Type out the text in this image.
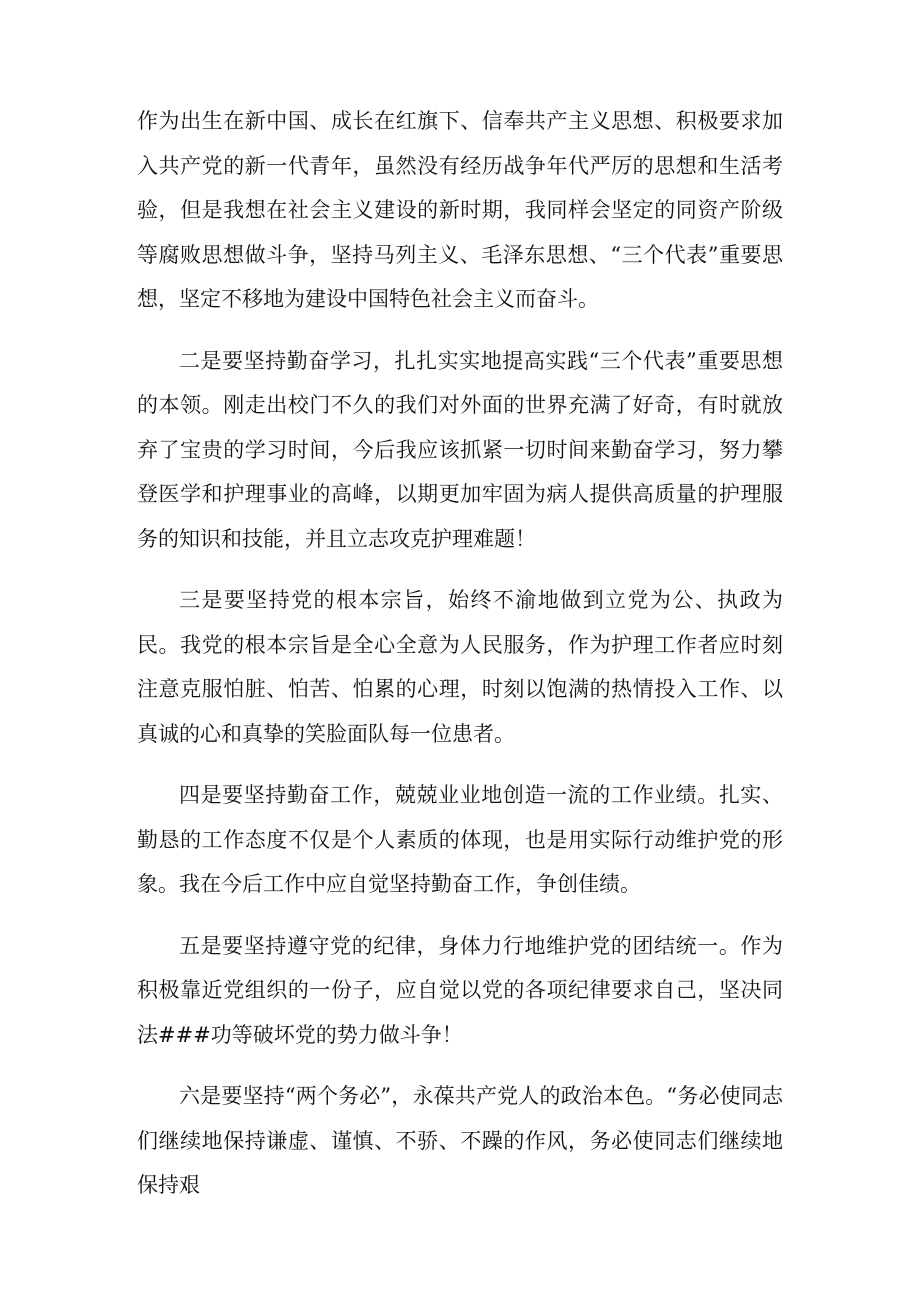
作为出生在新中国、成长在红旗下、信奉共产主义思想、积极要求加入共产党的新一代青年，虽然没有经历战争年代严厉的思想和生活考验，但是我想在社会主义建设的新时期，我同样会坚定的同资产阶级等腐败思想做斗争，坚持马列主义、毛泽东思想、“三个代表”重要思想，坚定不移地为建设中国特色社会主义而奋斗。

二是要坚持勤奋学习，扎扎实实地提高实践“三个代表”重要思想的本领。刚走出校门不久的我们对外面的世界充满了好奇，有时就放弃了宝贵的学习时间，今后我应该抓紧一切时间来勤奋学习，努力攀登医学和护理事业的高峰，以期更加牢固为病人提供高质量的护理服务的知识和技能，并且立志攻克护理难题！

三是要坚持党的根本宗旨，始终不渝地做到立党为公、执政为民。我党的根本宗旨是全心全意为人民服务，作为护理工作者应时刻注意克服怕脏、怕苦、怕累的心理，时刻以饱满的热情投入工作、以真诚的心和真挚的笑脸面队每一位患者。

四是要坚持勤奋工作，兢兢业业地创造一流的工作业绩。扎实、勤恳的工作态度不仅是个人素质的体现，也是用实际行动维护党的形象。我在今后工作中应自觉坚持勤奋工作，争创佳绩。

五是要坚持遵守党的纪律，身体力行地维护党的团结统一。作为积极靠近党组织的一份子，应自觉以党的各项纪律要求自己，坚决同法###功等破坏党的势力做斗争！

六是要坚持“两个务必”，永葆共产党人的政治本色。“务必使同志们继续地保持谦虚、谨慎、不骄、不躁的作风，务必使同志们继续地保持艰
